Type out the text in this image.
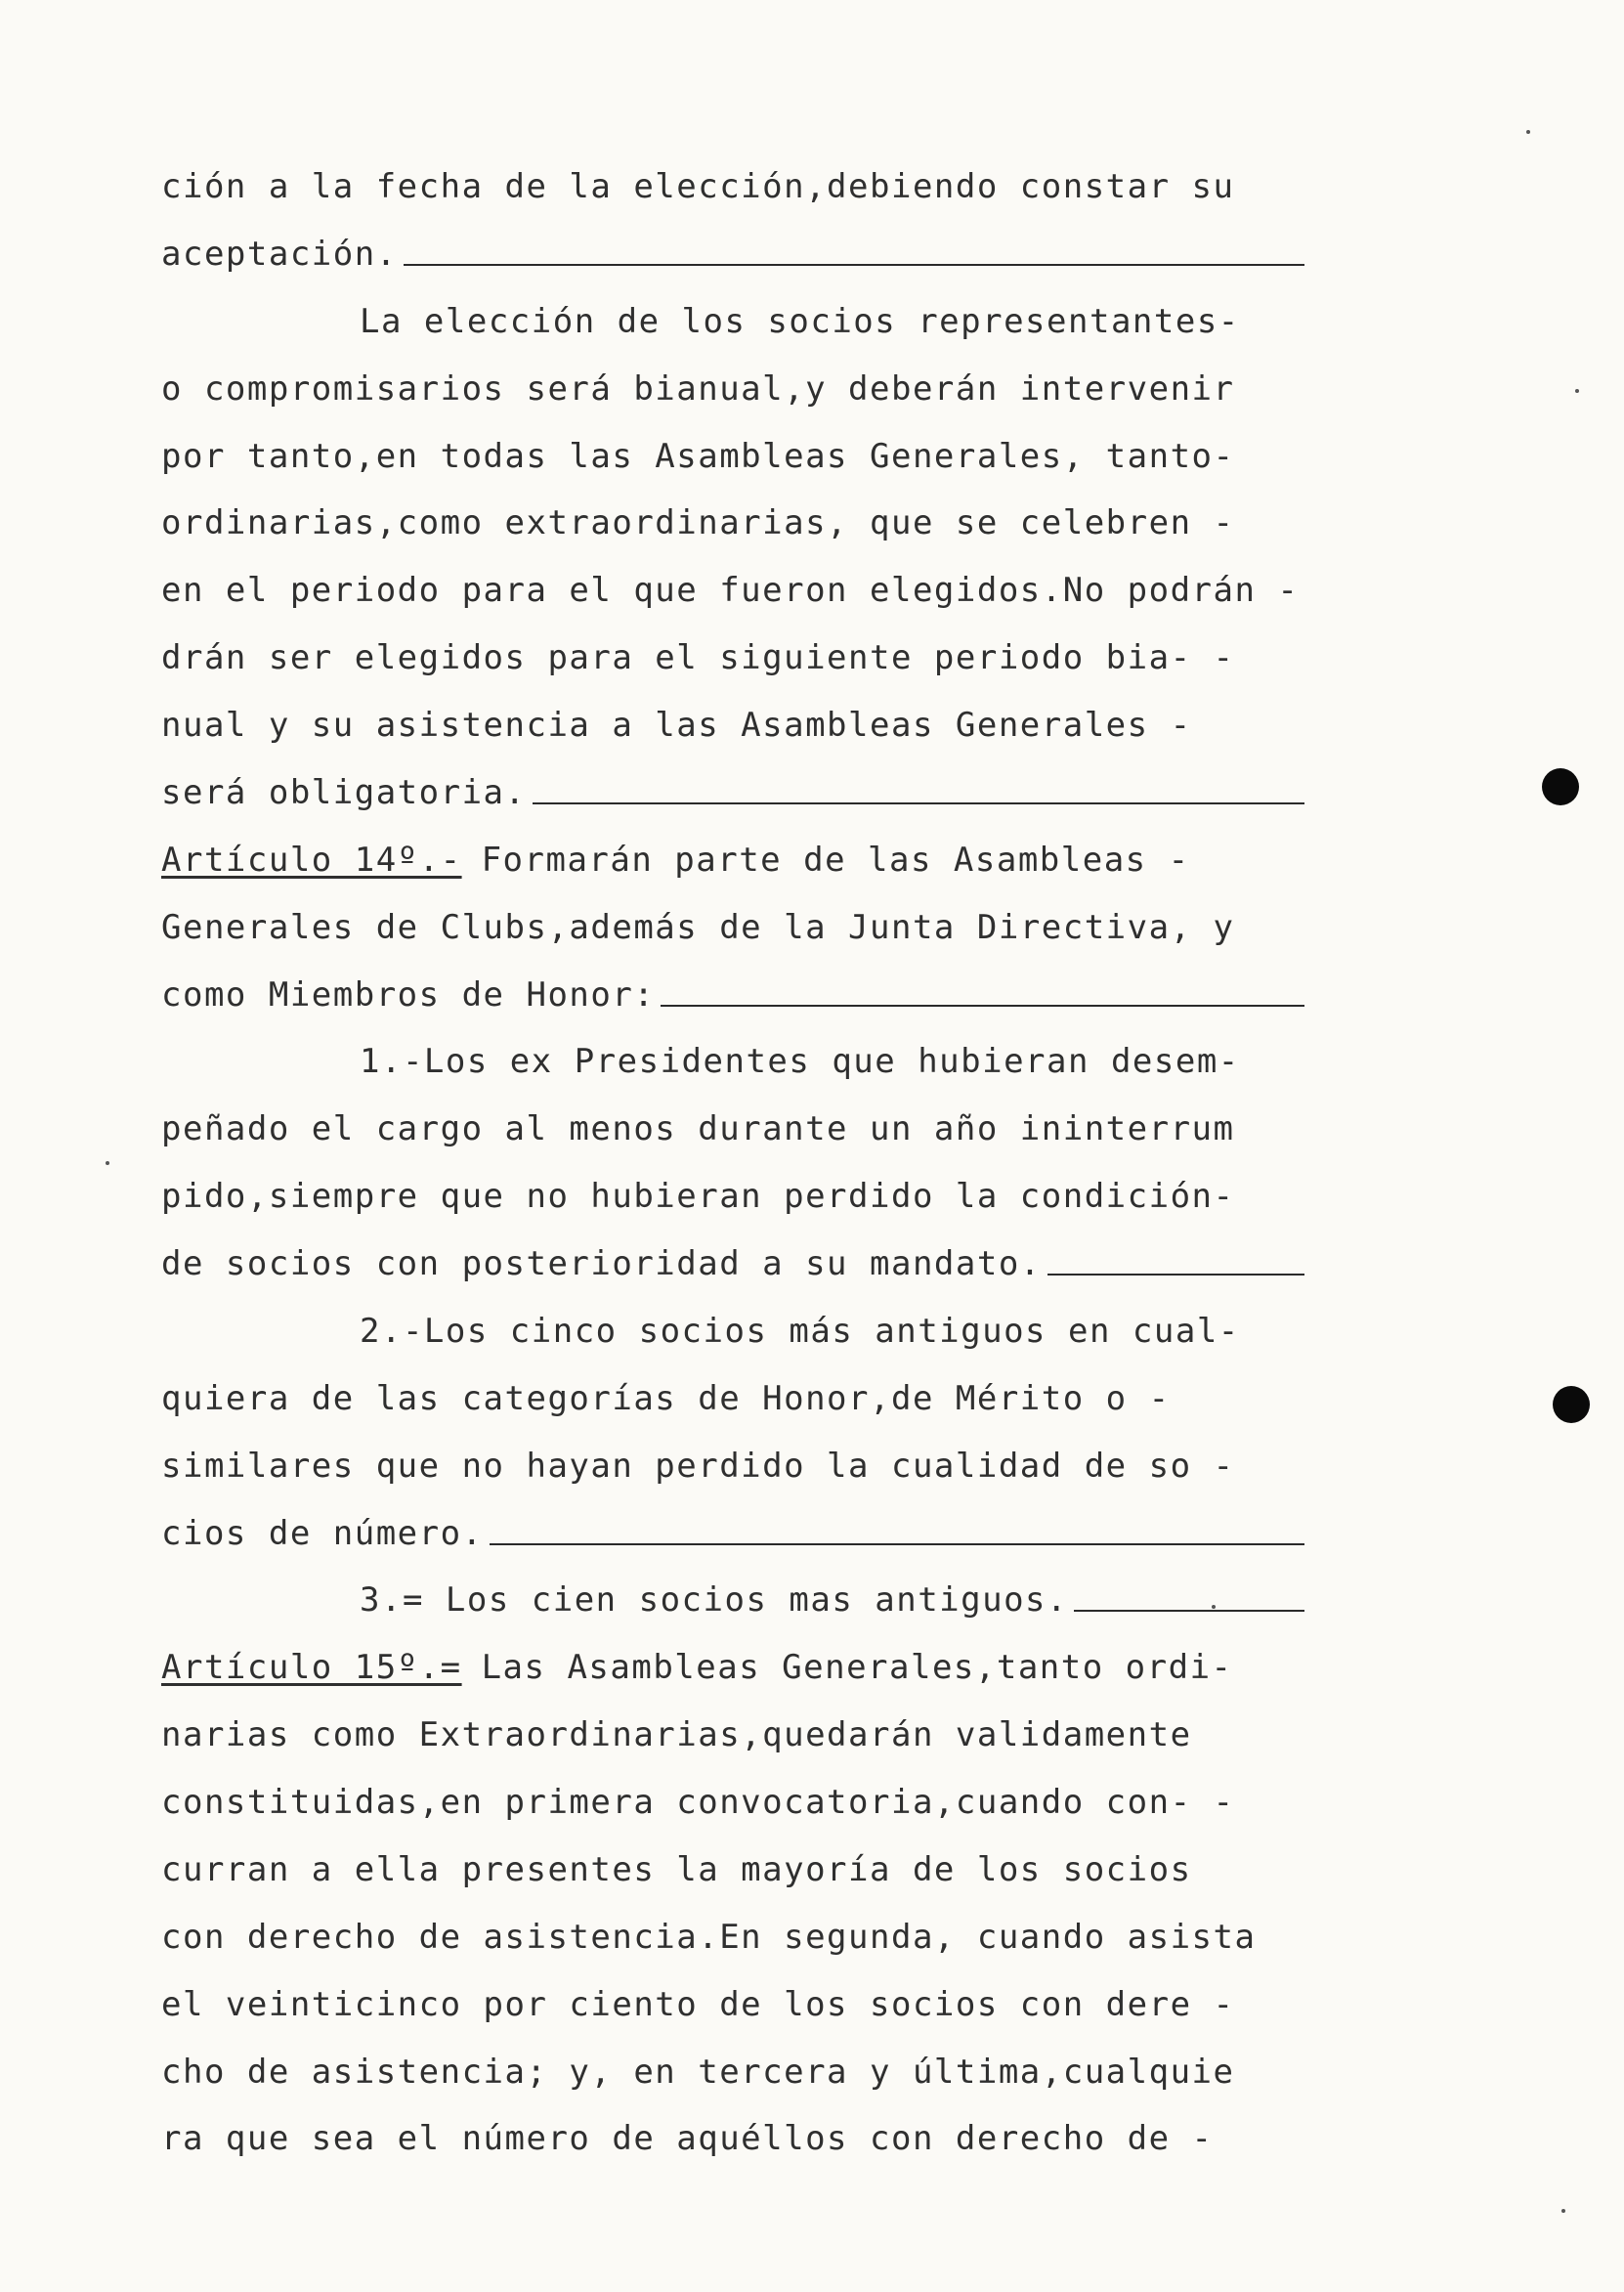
ción a la fecha de la elección,debiendo constar su
aceptación.
La elección de los socios representantes-
o compromisarios será bianual,y deberán intervenir
por tanto,en todas las Asambleas Generales, tanto-
ordinarias,como extraordinarias, que se celebren -
en el periodo para el que fueron elegidos.No podrán -
drán ser elegidos para el siguiente periodo bia- -
nual y su asistencia a las Asambleas Generales -
será obligatoria.
Artículo 14º.- Formarán parte de las Asambleas -
Generales de Clubs,además de la Junta Directiva, y
como Miembros de Honor:
1.-Los ex Presidentes que hubieran desem-
peñado el cargo al menos durante un año ininterrum
pido,siempre que no hubieran perdido la condición-
de socios con posterioridad a su mandato.
2.-Los cinco socios más antiguos en cual-
quiera de las categorías de Honor,de Mérito o -
similares que no hayan perdido la cualidad de so -
cios de número.
3.= Los cien socios mas antiguos.
Artículo 15º.= Las Asambleas Generales,tanto ordi-
narias como Extraordinarias,quedarán validamente
constituidas,en primera convocatoria,cuando con- -
curran a ella presentes la mayoría de los socios
con derecho de asistencia.En segunda, cuando asista
el veinticinco por ciento de los socios con dere -
cho de asistencia; y, en tercera y última,cualquie
ra que sea el número de aquéllos con derecho de -
